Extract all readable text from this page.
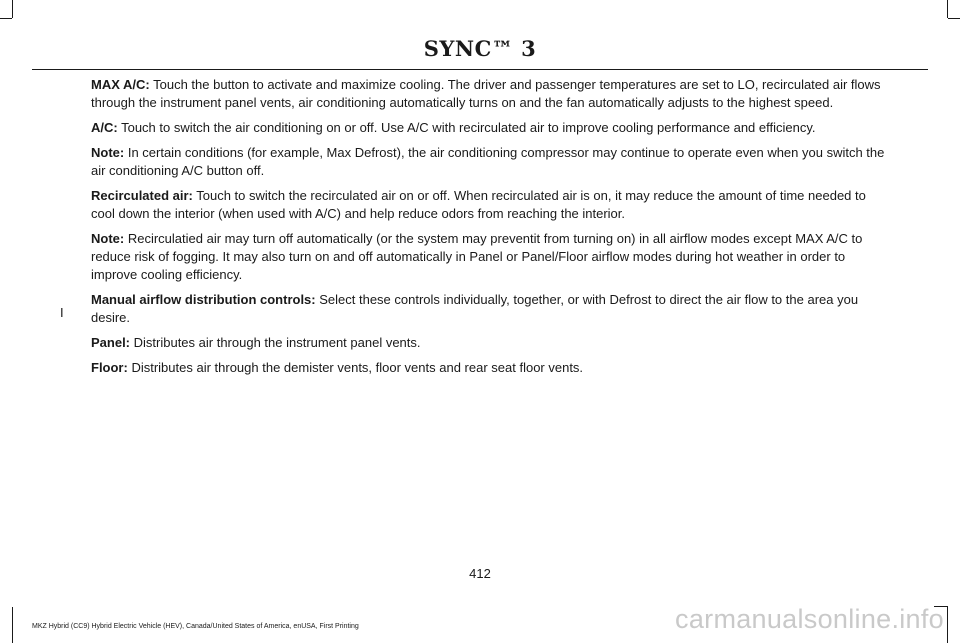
SYNC™ 3

MAX A/C: Touch the button to activate and maximize cooling. The driver and passenger temperatures are set to LO, recirculated air flows through the instrument panel vents, air conditioning automatically turns on and the fan automatically adjusts to the highest speed.

A/C: Touch to switch the air conditioning on or off. Use A/C with recirculated air to improve cooling performance and efficiency.

Note: In certain conditions (for example, Max Defrost), the air conditioning compressor may continue to operate even when you switch the air conditioning A/C button off.

Recirculated air: Touch to switch the recirculated air on or off. When recirculated air is on, it may reduce the amount of time needed to cool down the interior (when used with A/C) and help reduce odors from reaching the interior.

Note: Recirculatied air may turn off automatically (or the system may preventit from turning on) in all airflow modes except MAX A/C to reduce risk of fogging. It may also turn on and off automatically in Panel or Panel/Floor airflow modes during hot weather in order to improve cooling efficiency.

Manual airflow distribution controls: Select these controls individually, together, or with Defrost to direct the air flow to the area you desire.

Panel: Distributes air through the instrument panel vents.

Floor: Distributes air through the demister vents, floor vents and rear seat floor vents.

I
412
MKZ Hybrid (CC9) Hybrid Electric Vehicle (HEV), Canada/United States of America, enUSA, First Printing	carmanualsonline.info
